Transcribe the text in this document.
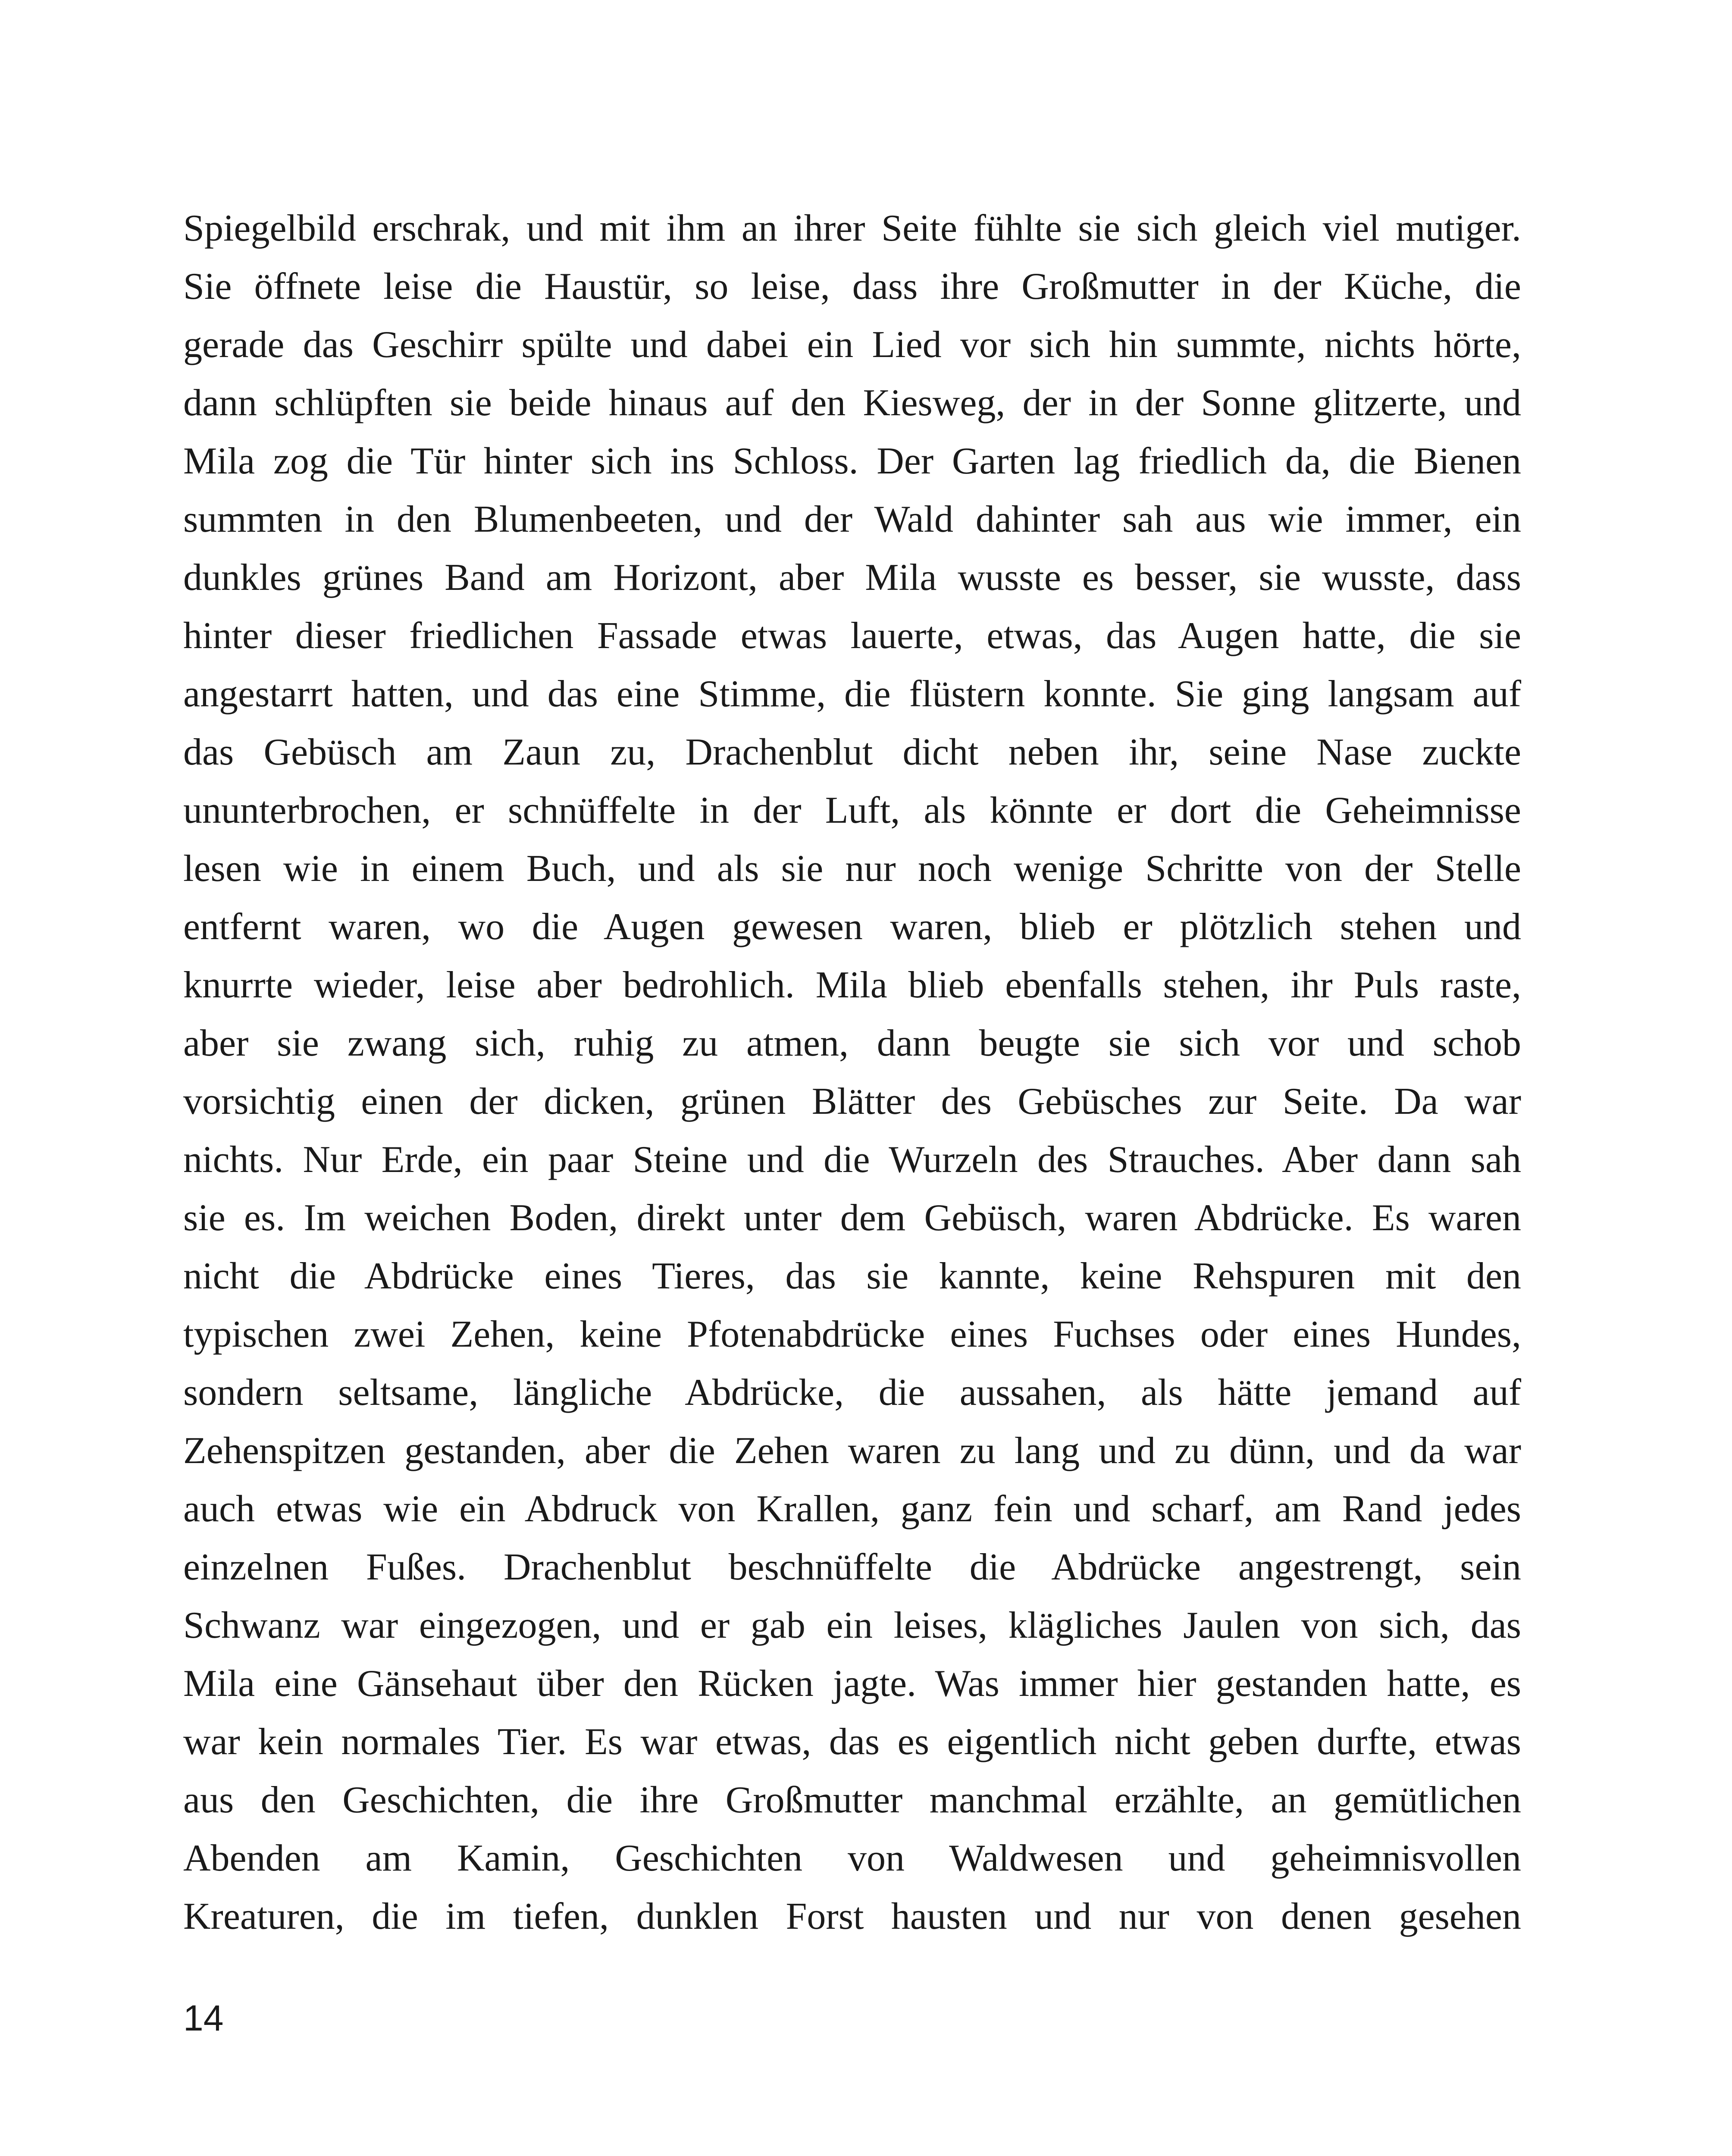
Spiegelbild erschrak, und mit ihm an ihrer Seite fühlte sie sich gleich viel mutiger.
Sie öffnete leise die Haustür, so leise, dass ihre Großmutter in der Küche, die
gerade das Geschirr spülte und dabei ein Lied vor sich hin summte, nichts hörte,
dann schlüpften sie beide hinaus auf den Kiesweg, der in der Sonne glitzerte, und
Mila zog die Tür hinter sich ins Schloss. Der Garten lag friedlich da, die Bienen
summten in den Blumenbeeten, und der Wald dahinter sah aus wie immer, ein
dunkles grünes Band am Horizont, aber Mila wusste es besser, sie wusste, dass
hinter dieser friedlichen Fassade etwas lauerte, etwas, das Augen hatte, die sie
angestarrt hatten, und das eine Stimme, die flüstern konnte. Sie ging langsam auf
das Gebüsch am Zaun zu, Drachenblut dicht neben ihr, seine Nase zuckte
ununterbrochen, er schnüffelte in der Luft, als könnte er dort die Geheimnisse
lesen wie in einem Buch, und als sie nur noch wenige Schritte von der Stelle
entfernt waren, wo die Augen gewesen waren, blieb er plötzlich stehen und
knurrte wieder, leise aber bedrohlich. Mila blieb ebenfalls stehen, ihr Puls raste,
aber sie zwang sich, ruhig zu atmen, dann beugte sie sich vor und schob
vorsichtig einen der dicken, grünen Blätter des Gebüsches zur Seite. Da war
nichts. Nur Erde, ein paar Steine und die Wurzeln des Strauches. Aber dann sah
sie es. Im weichen Boden, direkt unter dem Gebüsch, waren Abdrücke. Es waren
nicht die Abdrücke eines Tieres, das sie kannte, keine Rehspuren mit den
typischen zwei Zehen, keine Pfotenabdrücke eines Fuchses oder eines Hundes,
sondern seltsame, längliche Abdrücke, die aussahen, als hätte jemand auf
Zehenspitzen gestanden, aber die Zehen waren zu lang und zu dünn, und da war
auch etwas wie ein Abdruck von Krallen, ganz fein und scharf, am Rand jedes
einzelnen Fußes. Drachenblut beschnüffelte die Abdrücke angestrengt, sein
Schwanz war eingezogen, und er gab ein leises, klägliches Jaulen von sich, das
Mila eine Gänsehaut über den Rücken jagte. Was immer hier gestanden hatte, es
war kein normales Tier. Es war etwas, das es eigentlich nicht geben durfte, etwas
aus den Geschichten, die ihre Großmutter manchmal erzählte, an gemütlichen
Abenden am Kamin, Geschichten von Waldwesen und geheimnisvollen
Kreaturen, die im tiefen, dunklen Forst hausten und nur von denen gesehen
14
